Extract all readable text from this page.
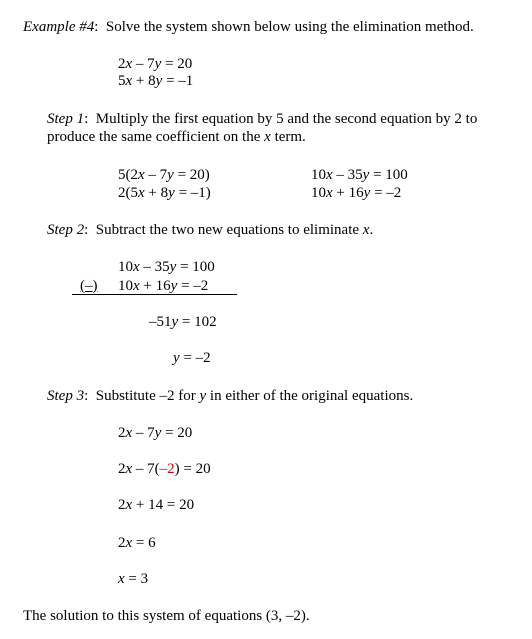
Example #4: Solve the system shown below using the elimination method.
2x – 7y = 20
5x + 8y = –1
Step 1:  Multiply the first equation by 5 and the second equation by 2 to
produce the same coefficient on the x term.
5(2x – 7y = 20)
2(5x + 8y = –1)
10x – 35y = 100
10x + 16y = –2
Step 2:  Subtract the two new equations to eliminate x.
10x – 35y = 100
(–) 10x + 16y = –2
–51y = 102
y = –2
Step 3:  Substitute –2 for y in either of the original equations.
2x – 7y = 20
2x – 7(–2) = 20
2x + 14 = 20
2x = 6
x = 3
The solution to this system of equations (3, –2).
